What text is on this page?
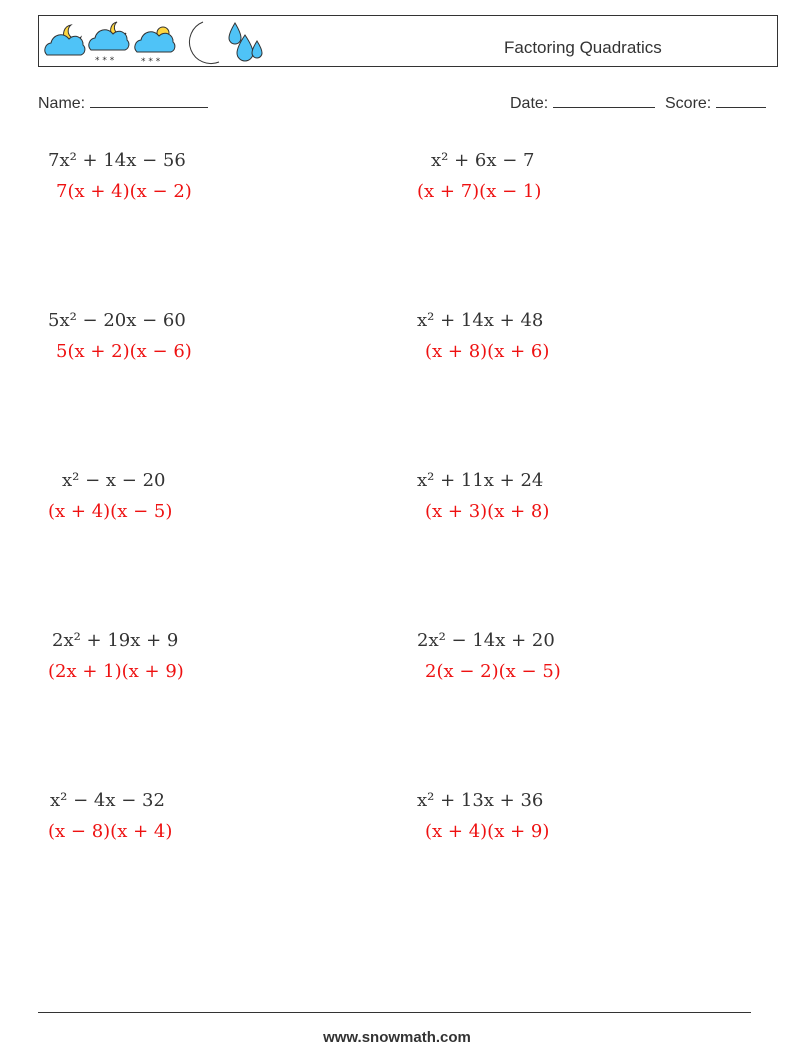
* * *	* * *
Factoring Quadratics
Name:	Date:	Score:
7x² + 14x − 56
7(x + 4)(x − 2)
x² + 6x − 7
(x + 7)(x − 1)
5x² − 20x − 60
5(x + 2)(x − 6)
x² + 14x + 48
(x + 8)(x + 6)
x² − x − 20
(x + 4)(x − 5)
x² + 11x + 24
(x + 3)(x + 8)
2x² + 19x + 9
(2x + 1)(x + 9)
2x² − 14x + 20
2(x − 2)(x − 5)
x² − 4x − 32
(x − 8)(x + 4)
x² + 13x + 36
(x + 4)(x + 9)
www.snowmath.com
